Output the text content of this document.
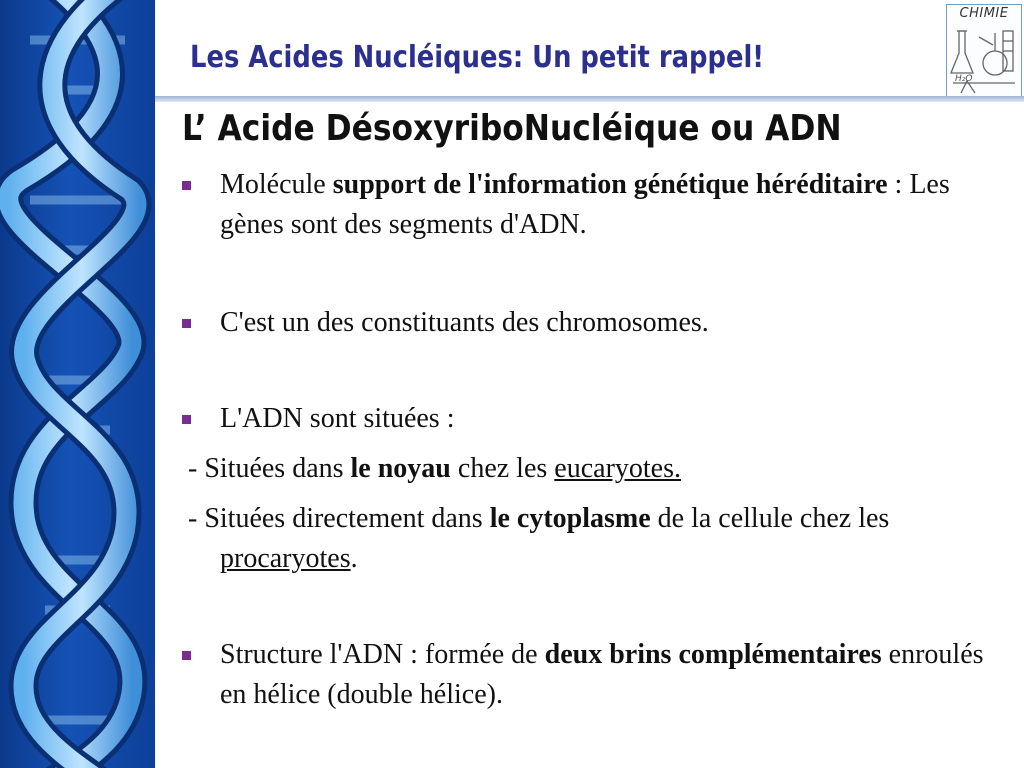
Les Acides Nucléiques: Un petit rappel!
CHIMIE
H₂O
L’ Acide DésoxyriboNucléique ou ADN
Molécule support de l'information génétique héréditaire : Les gènes sont des segments d'ADN.
C'est un des constituants des chromosomes.
L'ADN sont situées :
- Situées dans le noyau chez les eucaryotes.
- Situées directement dans le cytoplasme de la cellule chez les procaryotes.
Structure l'ADN : formée de deux brins complémentaires enroulés en hélice (double hélice).
